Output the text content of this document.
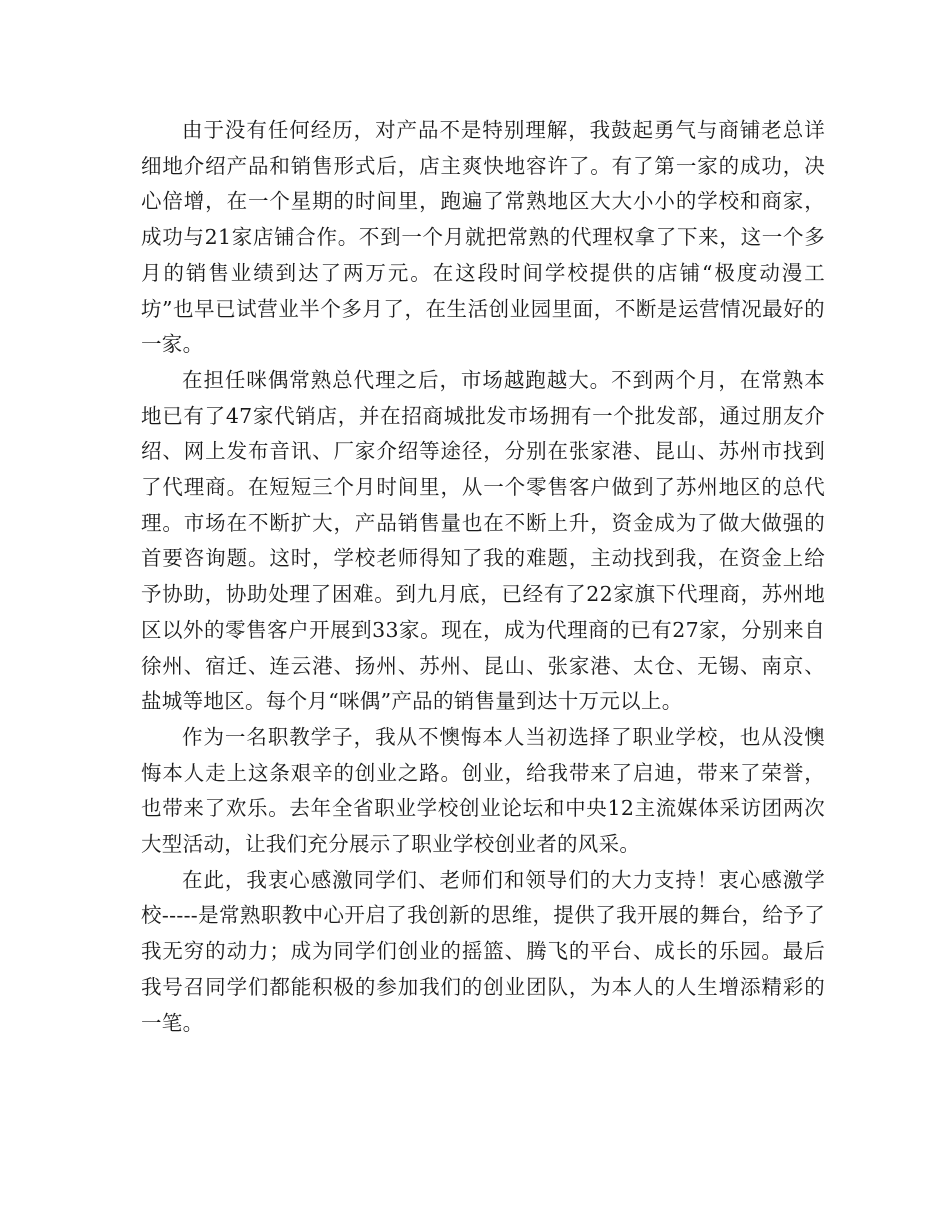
由于没有任何经历，对产品不是特别理解，我鼓起勇气与商铺老总详细地介绍产品和销售形式后，店主爽快地容许了。有了第一家的成功，决心倍增，在一个星期的时间里，跑遍了常熟地区大大小小的学校和商家，成功与21家店铺合作。不到一个月就把常熟的代理权拿了下来，这一个多月的销售业绩到达了两万元。在这段时间学校提供的店铺“极度动漫工坊”也早已试营业半个多月了，在生活创业园里面，不断是运营情况最好的一家。

在担任咪偶常熟总代理之后，市场越跑越大。不到两个月，在常熟本地已有了47家代销店，并在招商城批发市场拥有一个批发部，通过朋友介绍、网上发布音讯、厂家介绍等途径，分别在张家港、昆山、苏州市找到了代理商。在短短三个月时间里，从一个零售客户做到了苏州地区的总代理。市场在不断扩大，产品销售量也在不断上升，资金成为了做大做强的首要咨询题。这时，学校老师得知了我的难题，主动找到我，在资金上给予协助，协助处理了困难。到九月底，已经有了22家旗下代理商，苏州地区以外的零售客户开展到33家。现在，成为代理商的已有27家，分别来自徐州、宿迁、连云港、扬州、苏州、昆山、张家港、太仓、无锡、南京、盐城等地区。每个月“咪偶”产品的销售量到达十万元以上。

作为一名职教学子，我从不懊悔本人当初选择了职业学校，也从没懊悔本人走上这条艰辛的创业之路。创业，给我带来了启迪，带来了荣誉，也带来了欢乐。去年全省职业学校创业论坛和中央12主流媒体采访团两次大型活动，让我们充分展示了职业学校创业者的风采。

在此，我衷心感激同学们、老师们和领导们的大力支持！衷心感激学校-----是常熟职教中心开启了我创新的思维，提供了我开展的舞台，给予了我无穷的动力；成为同学们创业的摇篮、腾飞的平台、成长的乐园。最后我号召同学们都能积极的参加我们的创业团队，为本人的人生增添精彩的一笔。
